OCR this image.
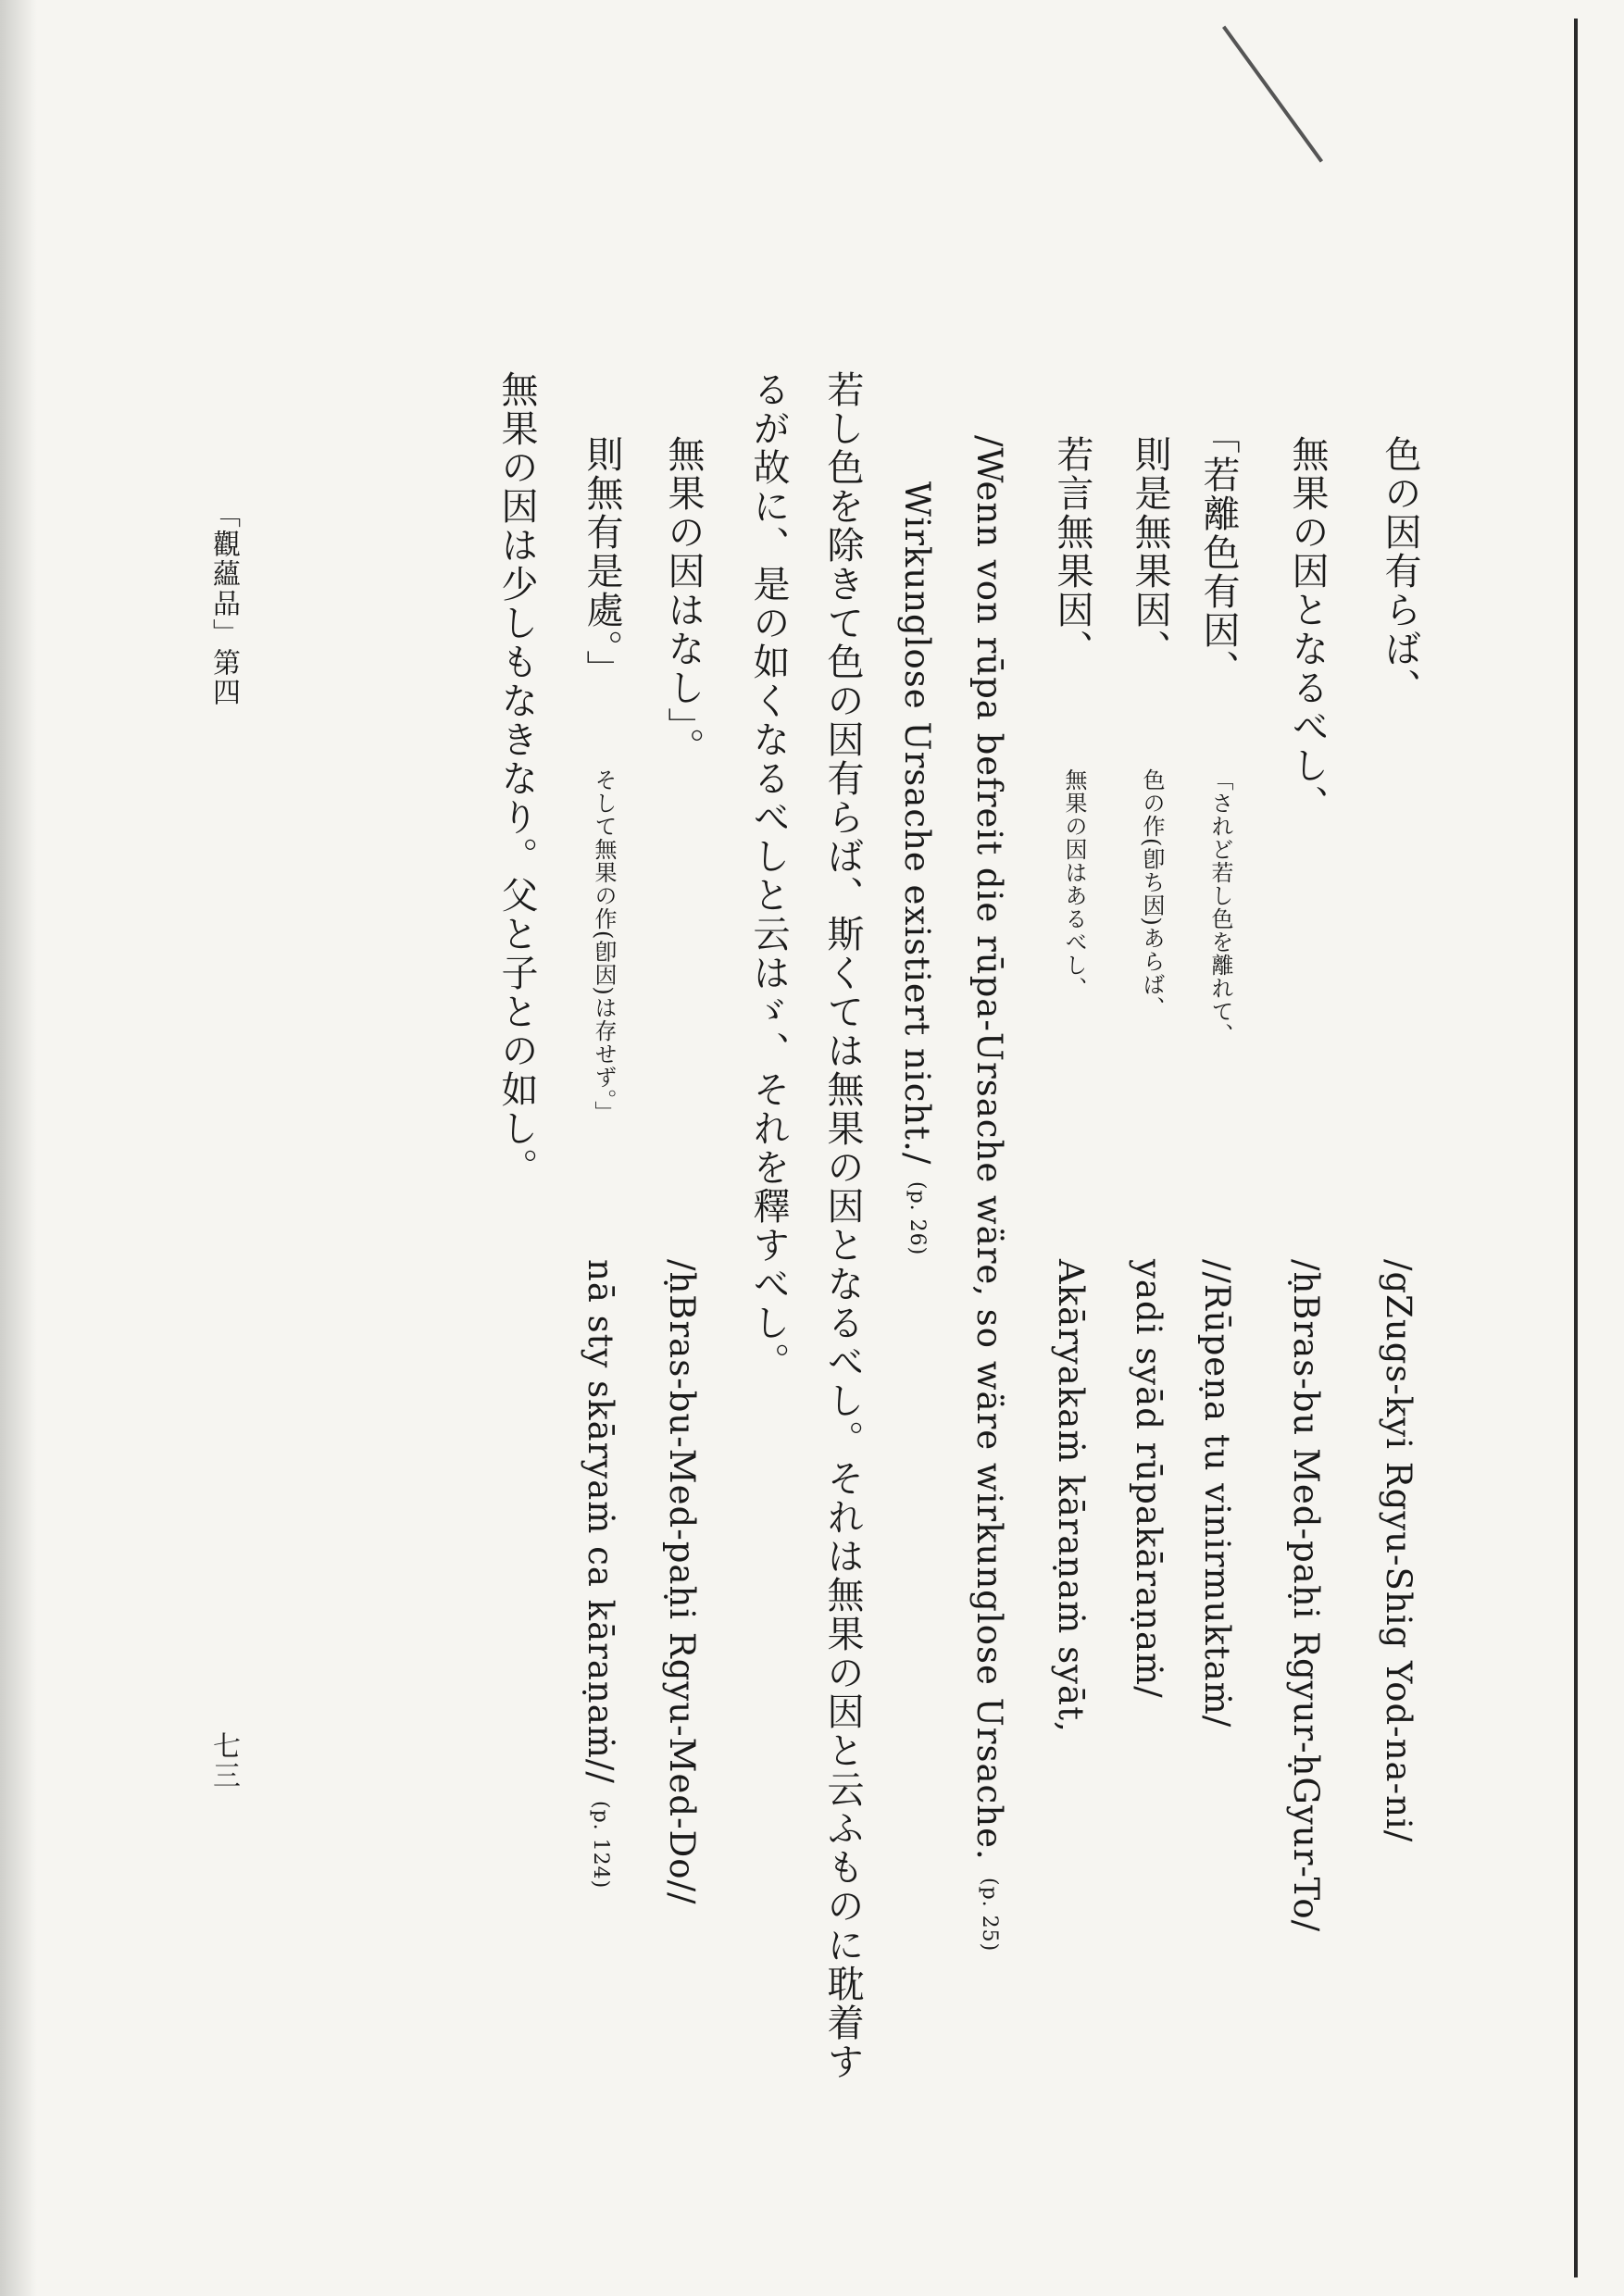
色の因有らば、
/gZugs-kyi Rgyu-Shig Yod-na-ni/
無果の因となるべし、
/ḥBras-bu Med-paḥi Rgyur-ḥGyur-To/
「若離色有因、
「されど若し色を離れて、
//Rūpeṇa tu vinirmuktaṁ/
則是無果因、
色の作(卽ち因)あらば、
yadi syād rūpakāraṇaṁ/
若言無果因、
無果の因はあるべし、
Akāryakaṁ kāraṇaṁ syāt,
/Wenn von rūpa befreit die rūpa-Ursache wäre, so wäre wirkunglose Ursache.(p. 25)
Wirkunglose Ursache existiert nicht./(p. 26)
若し色を除きて色の因有らば、斯くては無果の因となるべし。それは無果の因と云ふものに耽着す
るが故に、是の如くなるべしと云はゞ、それを釋すべし。
無果の因はなし」。
/ḥBras-bu-Med-paḥi Rgyu-Med-Do//
則無有是處。」
そして無果の作(卽因)は存せず。」
nā sty skāryaṁ ca kāraṇaṁ//(p. 124)
無果の因は少しもなきなり。父と子との如し。
「觀蘊品」第四
七三
